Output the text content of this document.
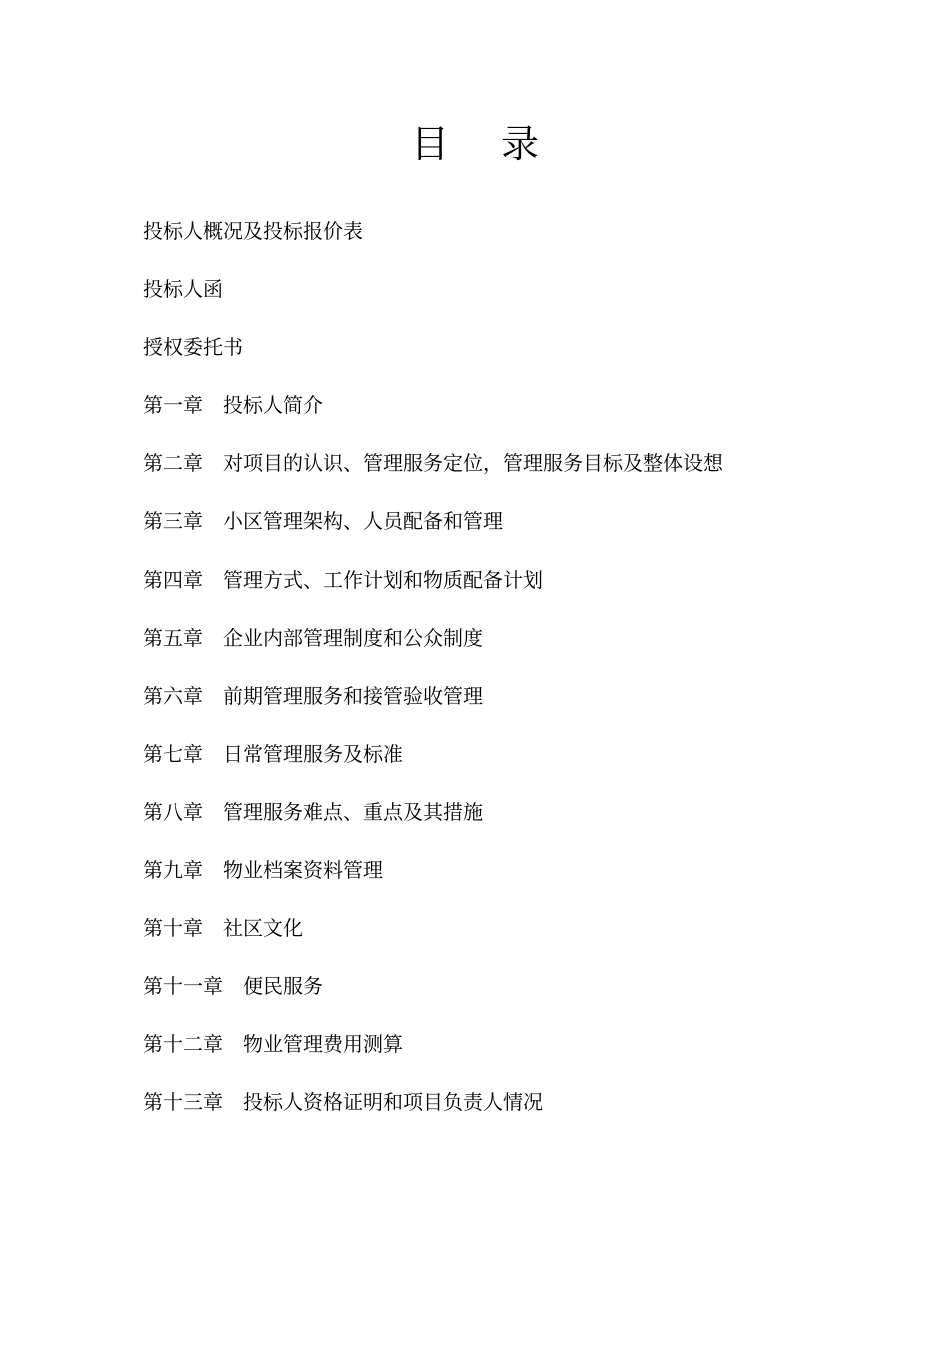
目 录
投标人概况及投标报价表
投标人函
授权委托书
第一章 投标人简介
第二章 对项目的认识、管理服务定位，管理服务目标及整体设想
第三章 小区管理架构、人员配备和管理
第四章 管理方式、工作计划和物质配备计划
第五章 企业内部管理制度和公众制度
第六章 前期管理服务和接管验收管理
第七章 日常管理服务及标准
第八章 管理服务难点、重点及其措施
第九章 物业档案资料管理
第十章 社区文化
第十一章 便民服务
第十二章 物业管理费用测算
第十三章 投标人资格证明和项目负责人情况
